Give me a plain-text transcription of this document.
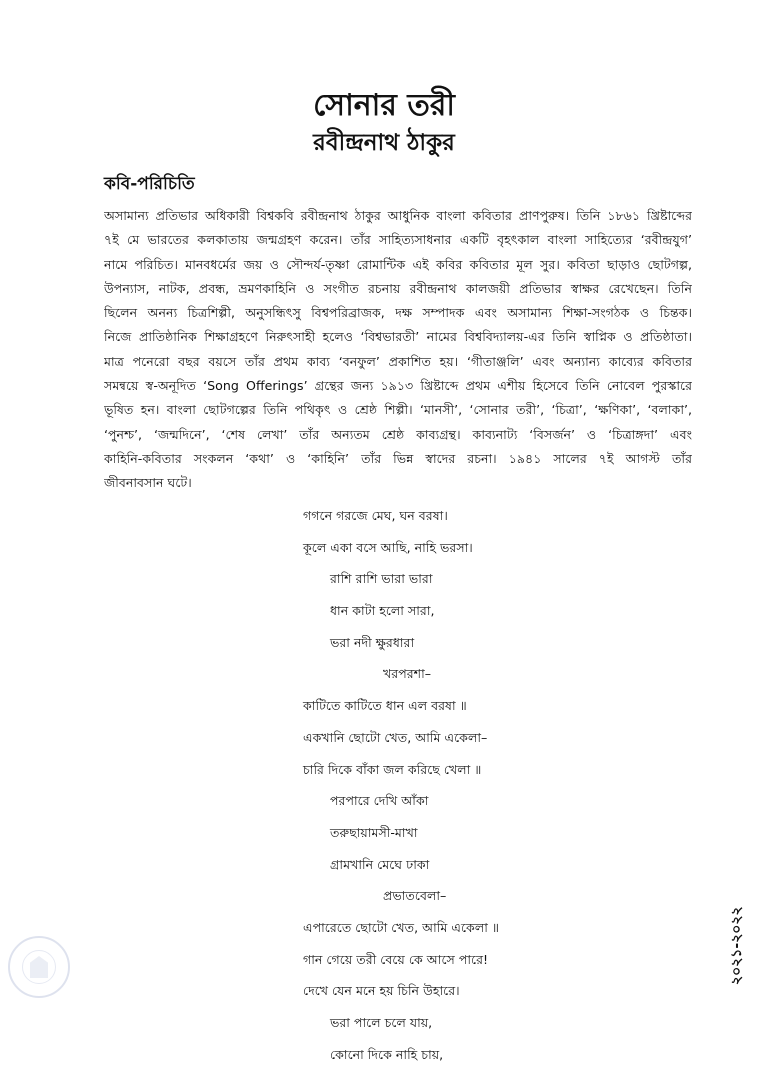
সোনার তরী
রবীন্দ্রনাথ ঠাকুর
কবি-পরিচিতি
অসামান্য প্রতিভার অধিকারী বিশ্বকবি রবীন্দ্রনাথ ঠাকুর আধুনিক বাংলা কবিতার প্রাণপুরুষ। তিনি ১৮৬১ খ্রিষ্টাব্দের
৭ই মে ভারতের কলকাতায় জন্মগ্রহণ করেন। তাঁর সাহিত্যসাধনার একটি বৃহৎকাল বাংলা সাহিত্যের ‘রবীন্দ্রযুগ’
নামে পরিচিত। মানবধর্মের জয় ও সৌন্দর্য-তৃষ্ণা রোমান্টিক এই কবির কবিতার মূল সুর। কবিতা ছাড়াও ছোটগল্প,
উপন্যাস, নাটক, প্রবন্ধ, ভ্রমণকাহিনি ও সংগীত রচনায় রবীন্দ্রনাথ কালজয়ী প্রতিভার স্বাক্ষর রেখেছেন। তিনি
ছিলেন অনন্য চিত্রশিল্পী, অনুসন্ধিৎসু বিশ্বপরিব্রাজক, দক্ষ সম্পাদক এবং অসামান্য শিক্ষা-সংগঠক ও চিন্তক।
নিজে প্রাতিষ্ঠানিক শিক্ষাগ্রহণে নিরুৎসাহী হলেও ‘বিশ্বভারতী’ নামের বিশ্ববিদ্যালয়-এর তিনি স্বাপ্নিক ও প্রতিষ্ঠাতা।
মাত্র পনেরো বছর বয়সে তাঁর প্রথম কাব্য ‘বনফুল’ প্রকাশিত হয়। ‘গীতাঞ্জলি’ এবং অন্যান্য কাব্যের কবিতার
সমন্বয়ে স্ব-অনূদিত ‘Song Offerings’ গ্রন্থের জন্য ১৯১৩ খ্রিষ্টাব্দে প্রথম এশীয় হিসেবে তিনি নোবেল পুরস্কারে
ভূষিত হন। বাংলা ছোটগল্পের তিনি পথিকৃৎ ও শ্রেষ্ঠ শিল্পী। ‘মানসী’, ‘সোনার তরী’, ‘চিত্রা’, ‘ক্ষণিকা’, ‘বলাকা’,
‘পুনশ্চ’, ‘জন্মদিনে’, ‘শেষ লেখা’ তাঁর অন্যতম শ্রেষ্ঠ কাব্যগ্রন্থ। কাব্যনাট্য ‘বিসর্জন’ ও ‘চিত্রাঙ্গদা’ এবং
কাহিনি-কবিতার সংকলন ‘কথা’ ও ‘কাহিনি’ তাঁর ভিন্ন স্বাদের রচনা। ১৯৪১ সালের ৭ই আগস্ট তাঁর
জীবনাবসান ঘটে।
গগনে গরজে মেঘ, ঘন বরষা।
কূলে একা বসে আছি, নাহি ভরসা।
রাশি রাশি ভারা ভারা
ধান কাটা হলো সারা,
ভরা নদী ক্ষুরধারা
খরপরশা–
কাটিতে কাটিতে ধান এল বরষা ॥
একখানি ছোটো খেত, আমি একেলা–
চারি দিকে বাঁকা জল করিছে খেলা ॥
পরপারে দেখি আঁকা
তরুছায়ামসী-মাখা
গ্রামখানি মেঘে ঢাকা
প্রভাতবেলা–
এপারেতে ছোটো খেত, আমি একেলা ॥
গান গেয়ে তরী বেয়ে কে আসে পারে!
দেখে যেন মনে হয় চিনি উহারে।
ভরা পালে চলে যায়,
কোনো দিকে নাহি চায়,
২০২১-২০২২
